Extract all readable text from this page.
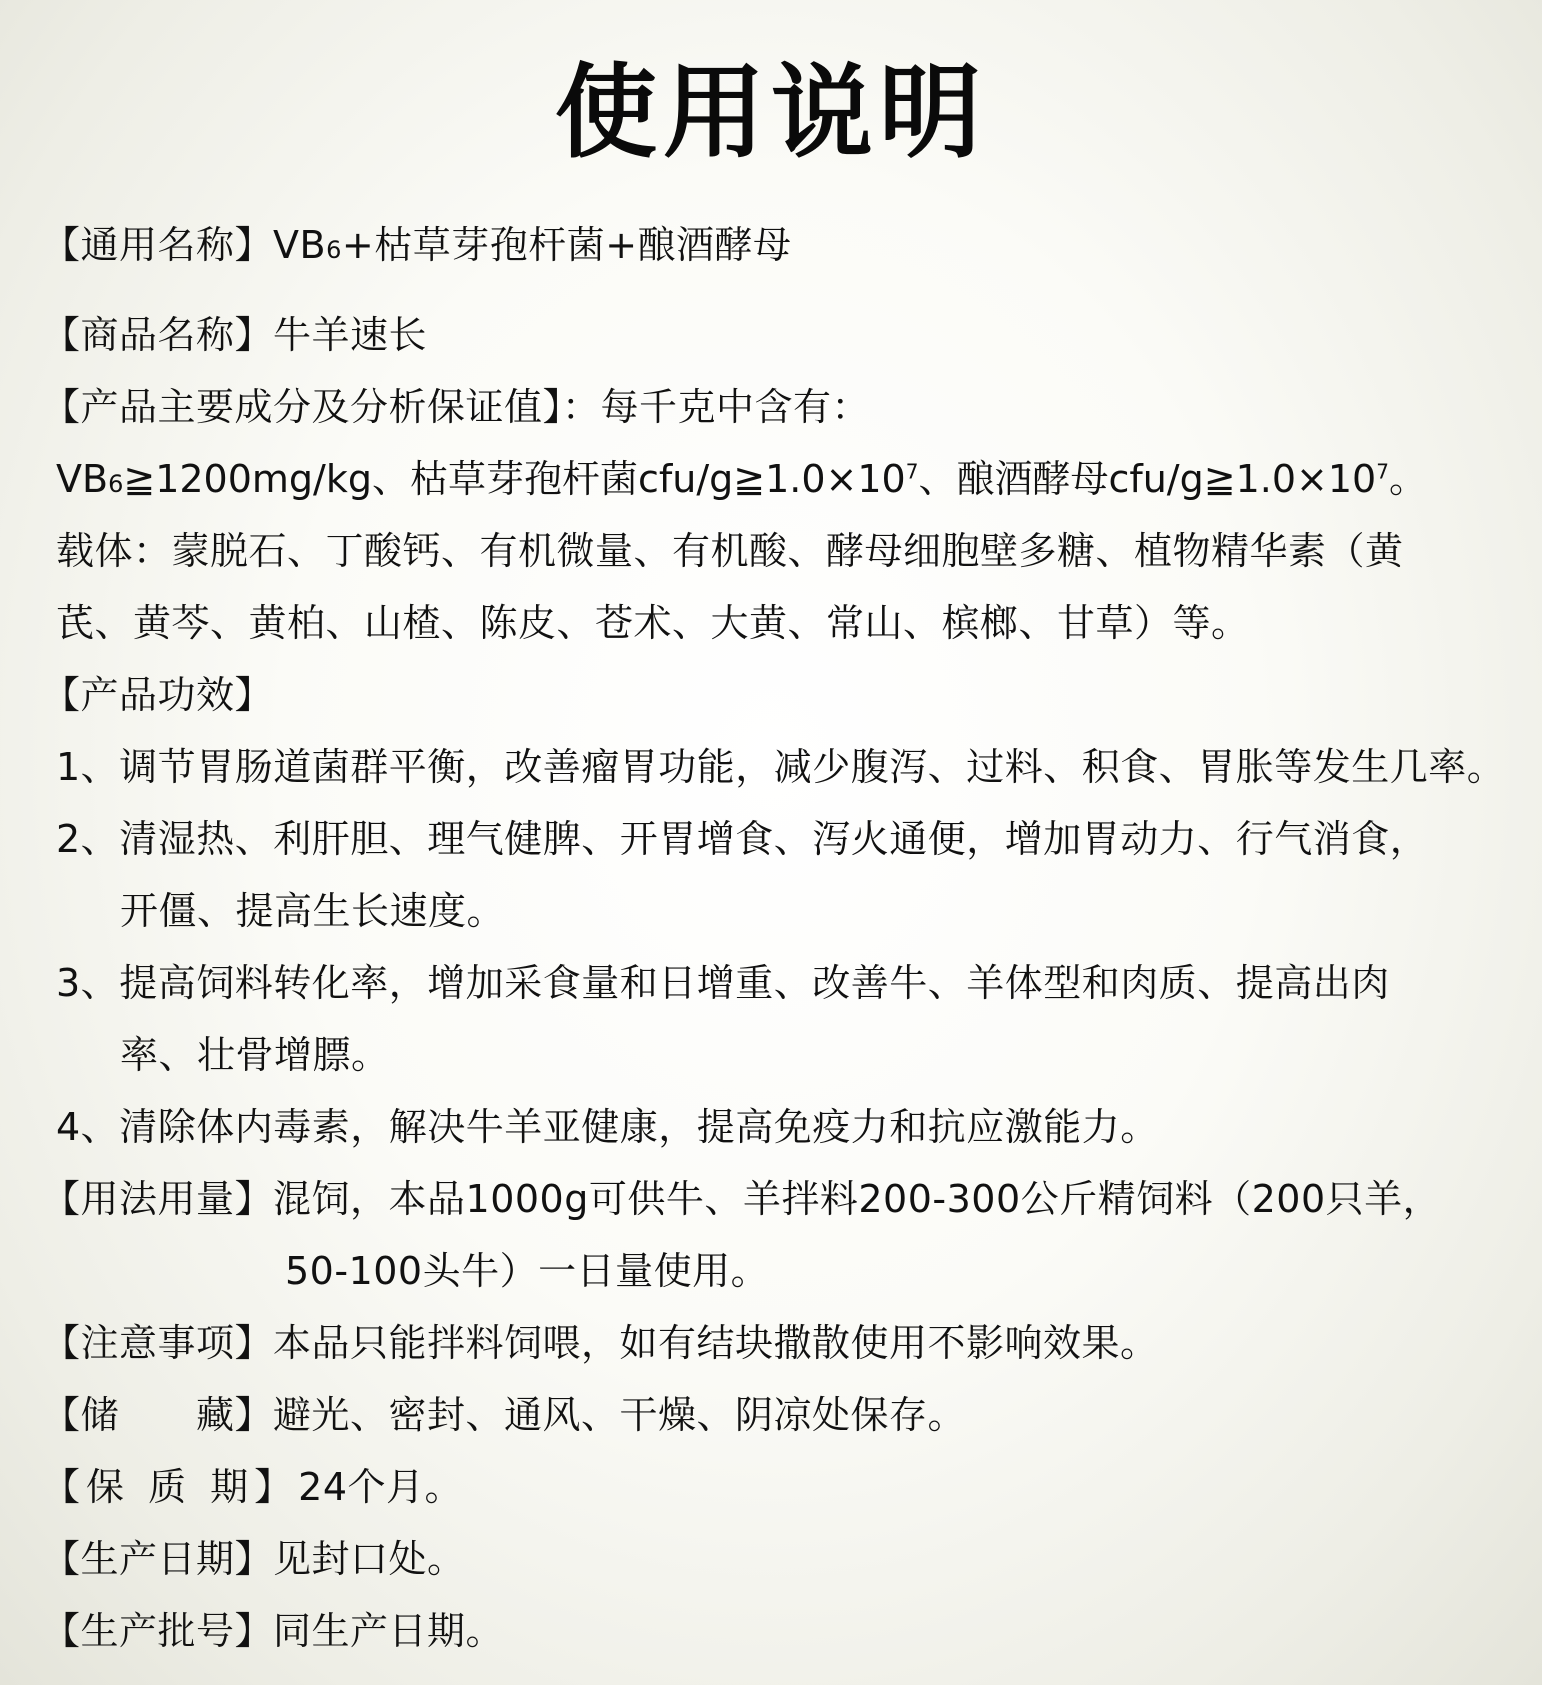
使用说明
【通用名称】VB6+枯草芽孢杆菌+酿酒酵母
【商品名称】牛羊速长
【产品主要成分及分析保证值】：每千克中含有：
VB6≧1200mg/kg、枯草芽孢杆菌cfu/$g≧1.0\times 10^7$、酿酒酵母cfu/$g≧1.0\times 10^7$。
载体：蒙脱石、丁酸钙、有机微量、有机酸、酵母细胞壁多糖、植物精华素（黄
芪、黄芩、黄柏、山楂、陈皮、苍术、大黄、常山、槟榔、甘草）等。
【产品功效】
1、调节胃肠道菌群平衡，改善瘤胃功能，减少腹泻、过料、积食、胃胀等发生几率。
2、清湿热、利肝胆、理气健脾、开胃增食、泻火通便，增加胃动力、行气消食，
开僵、提高生长速度。
3、提高饲料转化率，增加采食量和日增重、改善牛、羊体型和肉质、提高出肉
率、壮骨增膘。
4、清除体内毒素，解决牛羊亚健康，提高免疫力和抗应激能力。
【用法用量】混饲，本品1000g可供牛、羊拌料200-300公斤精饲料（200只羊，
50-100头牛）一日量使用。
【注意事项】本品只能拌料饲喂，如有结块撒散使用不影响效果。
【储　　藏】避光、密封、通风、干燥、阴凉处保存。
【保 质 期】24个月。
【生产日期】见封口处。
【生产批号】同生产日期。
